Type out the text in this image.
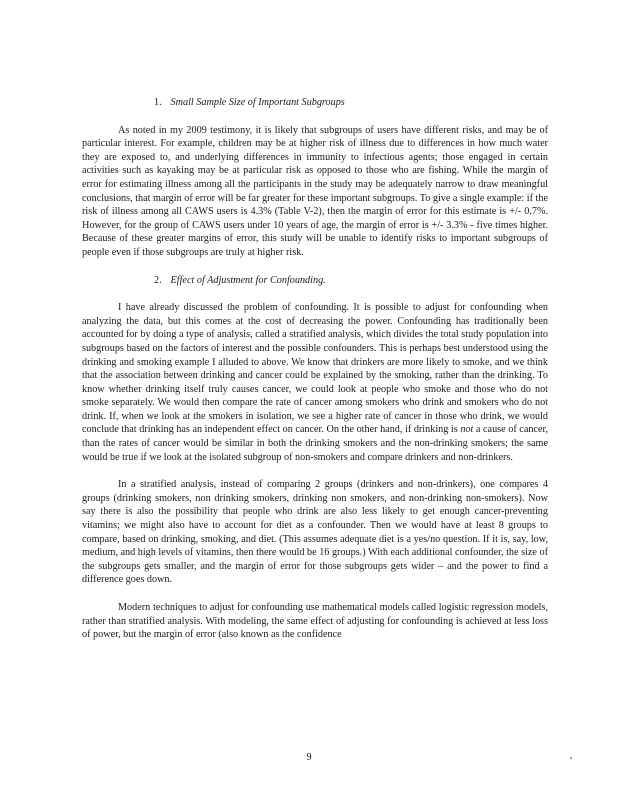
1. Small Sample Size of Important Subgroups

As noted in my 2009 testimony, it is likely that subgroups of users have different risks, and may be of particular interest. For example, children may be at higher risk of illness due to differences in how much water they are exposed to, and underlying differences in immunity to infectious agents; those engaged in certain activities such as kayaking may be at particular risk as opposed to those who are fishing. While the margin of error for estimating illness among all the participants in the study may be adequately narrow to draw meaningful conclusions, that margin of error will be far greater for these important subgroups. To give a single example: if the risk of illness among all CAWS users is 4.3% (Table V-2), then the margin of error for this estimate is +/- 0.7%. However, for the group of CAWS users under 10 years of age, the margin of error is +/- 3.3% - five times higher. Because of these greater margins of error, this study will be unable to identify risks to important subgroups of people even if those subgroups are truly at higher risk.

2. Effect of Adjustment for Confounding.

I have already discussed the problem of confounding. It is possible to adjust for confounding when analyzing the data, but this comes at the cost of decreasing the power. Confounding has traditionally been accounted for by doing a type of analysis, called a stratified analysis, which divides the total study population into subgroups based on the factors of interest and the possible confounders. This is perhaps best understood using the drinking and smoking example I alluded to above. We know that drinkers are more likely to smoke, and we think that the association between drinking and cancer could be explained by the smoking, rather than the drinking. To know whether drinking itself truly causes cancer, we could look at people who smoke and those who do not smoke separately. We would then compare the rate of cancer among smokers who drink and smokers who do not drink. If, when we look at the smokers in isolation, we see a higher rate of cancer in those who drink, we would conclude that drinking has an independent effect on cancer. On the other hand, if drinking is not a cause of cancer, than the rates of cancer would be similar in both the drinking smokers and the non-drinking smokers; the same would be true if we look at the isolated subgroup of non-smokers and compare drinkers and non-drinkers.

In a stratified analysis, instead of comparing 2 groups (drinkers and non-drinkers), one compares 4 groups (drinking smokers, non drinking smokers, drinking non smokers, and non-drinking non-smokers). Now say there is also the possibility that people who drink are also less likely to get enough cancer-preventing vitamins; we might also have to account for diet as a confounder. Then we would have at least 8 groups to compare, based on drinking, smoking, and diet. (This assumes adequate diet is a yes/no question. If it is, say, low, medium, and high levels of vitamins, then there would be 16 groups.) With each additional confounder, the size of the subgroups gets smaller, and the margin of error for those subgroups gets wider – and the power to find a difference goes down.

Modern techniques to adjust for confounding use mathematical models called logistic regression models, rather than stratified analysis. With modeling, the same effect of adjusting for confounding is achieved at less loss of power, but the margin of error (also known as the confidence

9
